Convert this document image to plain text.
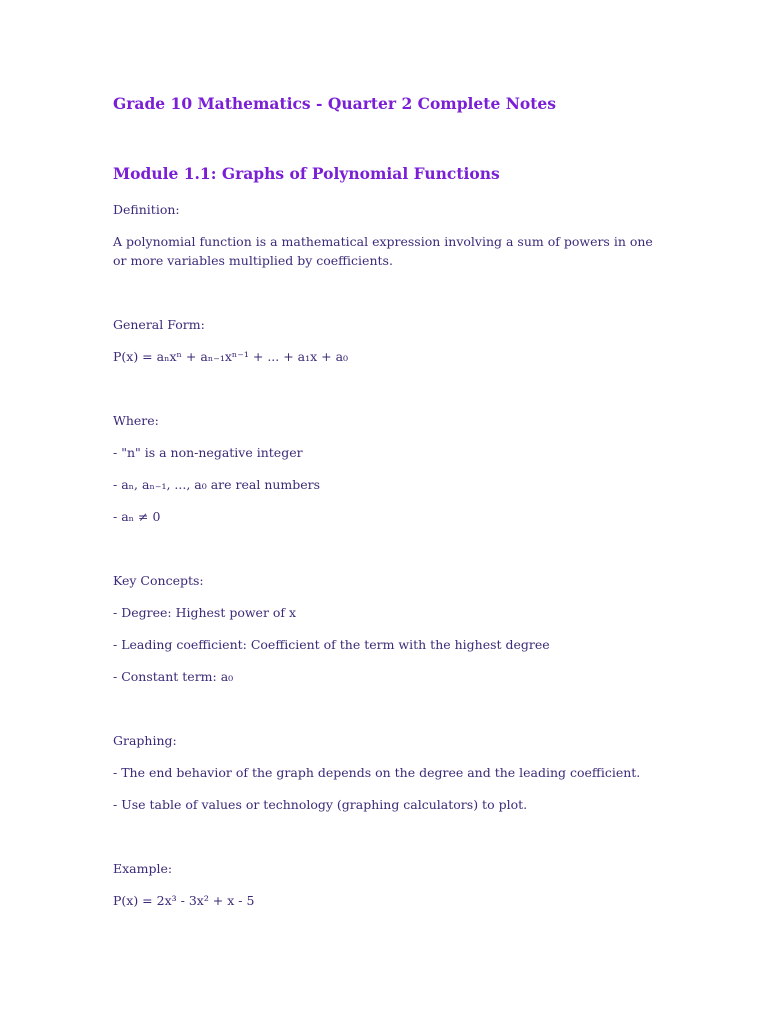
Grade 10 Mathematics - Quarter 2 Complete Notes
Module 1.1: Graphs of Polynomial Functions
Definition:
A polynomial function is a mathematical expression involving a sum of powers in one or more variables multiplied by coefficients.
General Form:
P(x) = aₙxⁿ + aₙ₋₁xⁿ⁻¹ + ... + a₁x + a₀
Where:
- "n" is a non-negative integer
- aₙ, aₙ₋₁, ..., a₀ are real numbers
- aₙ ≠ 0
Key Concepts:
- Degree: Highest power of x
- Leading coefficient: Coefficient of the term with the highest degree
- Constant term: a₀
Graphing:
- The end behavior of the graph depends on the degree and the leading coefficient.
- Use table of values or technology (graphing calculators) to plot.
Example:
P(x) = 2x³ - 3x² + x - 5
